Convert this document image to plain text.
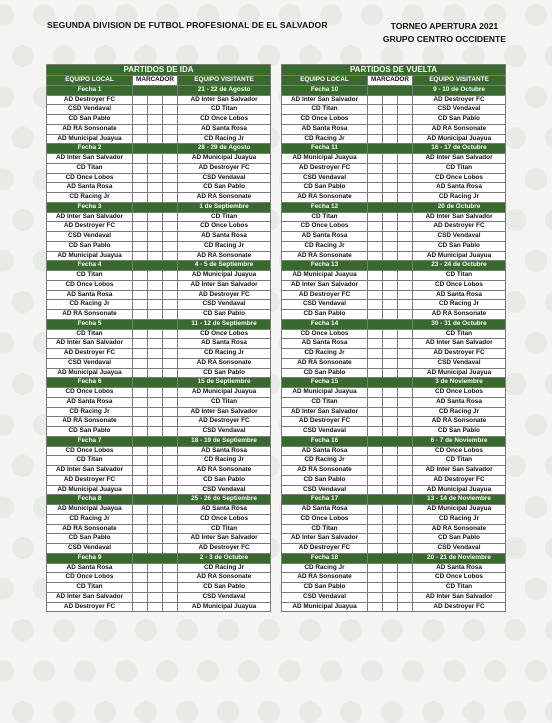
SEGUNDA DIVISION DE FUTBOL PROFESIONAL DE EL SALVADOR	TORNEO APERTURA 2021
GRUPO CENTRO OCCIDENTE
PARTIDOS DE IDA				
EQUIPO LOCAL	MARCADOR			EQUIPO VISITANTE
Fecha 1				21 - 22 de Agosto
AD Destroyer FC				AD Inter San Salvador
CSD Vendaval				CD Titan
CD San Pablo				CD Once Lobos
AD RA Sonsonate				AD Santa Rosa
AD Municipal Juayua				CD Racing Jr
Fecha 2				28 - 29 de Agosto
AD Inter San Salvador				AD Municipal Juayua
CD Titan				AD Destroyer FC
CD Once Lobos				CSD Vendaval
AD Santa Rosa				CD San Pablo
CD Racing Jr				AD RA Sonsonate
Fecha 3				1 de Septiembre
AD Inter San Salvador				CD Titan
AD Destroyer FC				CD Once Lobos
CSD Vendaval				AD Santa Rosa
CD San Pablo				CD Racing Jr
AD Municipal Juayua				AD RA Sonsonate
Fecha 4				4 - 5 de Septiembre
CD Titan				AD Municipal Juayua
CD Once Lobos				AD Inter San Salvador
AD Santa Rosa				AD Destroyer FC
CD Racing Jr				CSD Vendaval
AD RA Sonsonate				CD San Pablo
Fecha 5				11 - 12 de Septiembre
CD Titan				CD Once Lobos
AD Inter San Salvador				AD Santa Rosa
AD Destroyer FC				CD Racing Jr
CSD Vendaval				AD RA Sonsonate
AD Municipal Juayua				CD San Pablo
Fecha 6				15 de Septiembre
CD Once Lobos				AD Municipal Juayua
AD Santa Rosa				CD Titan
CD Racing Jr				AD Inter San Salvador
AD RA Sonsonate				AD Destroyer FC
CD San Pablo				CSD Vendaval
Fecha 7				18 - 19 de Septiembre
CD Once Lobos				AD Santa Rosa
CD Titan				CD Racing Jr
AD Inter San Salvador				AD RA Sonsonate
AD Destroyer FC				CD San Pablo
AD Municipal Juayua				CSD Vendaval
Fecha 8				25 - 26 de Septiembre
AD Municipal Juayua				AD Santa Rosa
CD Racing Jr				CD Once Lobos
AD RA Sonsonate				CD Titan
CD San Pablo				AD Inter San Salvador
CSD Vendaval				AD Destroyer FC
Fecha 9				2 - 3 de Octubre
AD Santa Rosa				CD Racing Jr
CD Once Lobos				AD RA Sonsonate
CD Titan				CD San Pablo
AD Inter San Salvador				CSD Vendaval
AD Destroyer FC				AD Municipal Juayua
PARTIDOS DE VUELTA				
EQUIPO LOCAL	MARCADOR			EQUIPO VISITANTE
Fecha 10				9 - 10 de Octubre
AD Inter San Salvador				AD Destroyer FC
CD Titan				CSD Vendaval
CD Once Lobos				CD San Pablo
AD Santa Rosa				AD RA Sonsonate
CD Racing Jr				AD Municipal Juayua
Fecha 11				16 - 17 de Octubre
AD Municipal Juayua				AD Inter San Salvador
AD Destroyer FC				CD Titan
CSD Vendaval				CD Once Lobos
CD San Pablo				AD Santa Rosa
AD RA Sonsonate				CD Racing Jr
Fecha 12				20 de Octubre
CD Titan				AD Inter San Salvador
CD Once Lobos				AD Destroyer FC
AD Santa Rosa				CSD Vendaval
CD Racing Jr				CD San Pablo
AD RA Sonsonate				AD Municipal Juayua
Fecha 13				23 - 24 de Octubre
AD Municipal Juayua				CD Titan
AD Inter San Salvador				CD Once Lobos
AD Destroyer FC				AD Santa Rosa
CSD Vendaval				CD Racing Jr
CD San Pablo				AD RA Sonsonate
Fecha 14				30 - 31 de Octubre
CD Once Lobos				CD Titan
AD Santa Rosa				AD Inter San Salvador
CD Racing Jr				AD Destroyer FC
AD RA Sonsonate				CSD Vendaval
CD San Pablo				AD Municipal Juayua
Fecha 15				3 de Noviembre
AD Municipal Juayua				CD Once Lobos
CD Titan				AD Santa Rosa
AD Inter San Salvador				CD Racing Jr
AD Destroyer FC				AD RA Sonsonate
CSD Vendaval				CD San Pablo
Fecha 16				6 - 7 de Noviembre
AD Santa Rosa				CD Once Lobos
CD Racing Jr				CD Titan
AD RA Sonsonate				AD Inter San Salvador
CD San Pablo				AD Destroyer FC
CSD Vendaval				AD Municipal Juayua
Fecha 17				13 - 14 de Noviembre
AD Santa Rosa				AD Municipal Juayua
CD Once Lobos				CD Racing Jr
CD Titan				AD RA Sonsonate
AD Inter San Salvador				CD San Pablo
AD Destroyer FC				CSD Vendaval
Fecha 18				20 - 21 de Noviembre
CD Racing Jr				AD Santa Rosa
AD RA Sonsonate				CD Once Lobos
CD San Pablo				CD Titan
CSD Vendaval				AD Inter San Salvador
AD Municipal Juayua				AD Destroyer FC
